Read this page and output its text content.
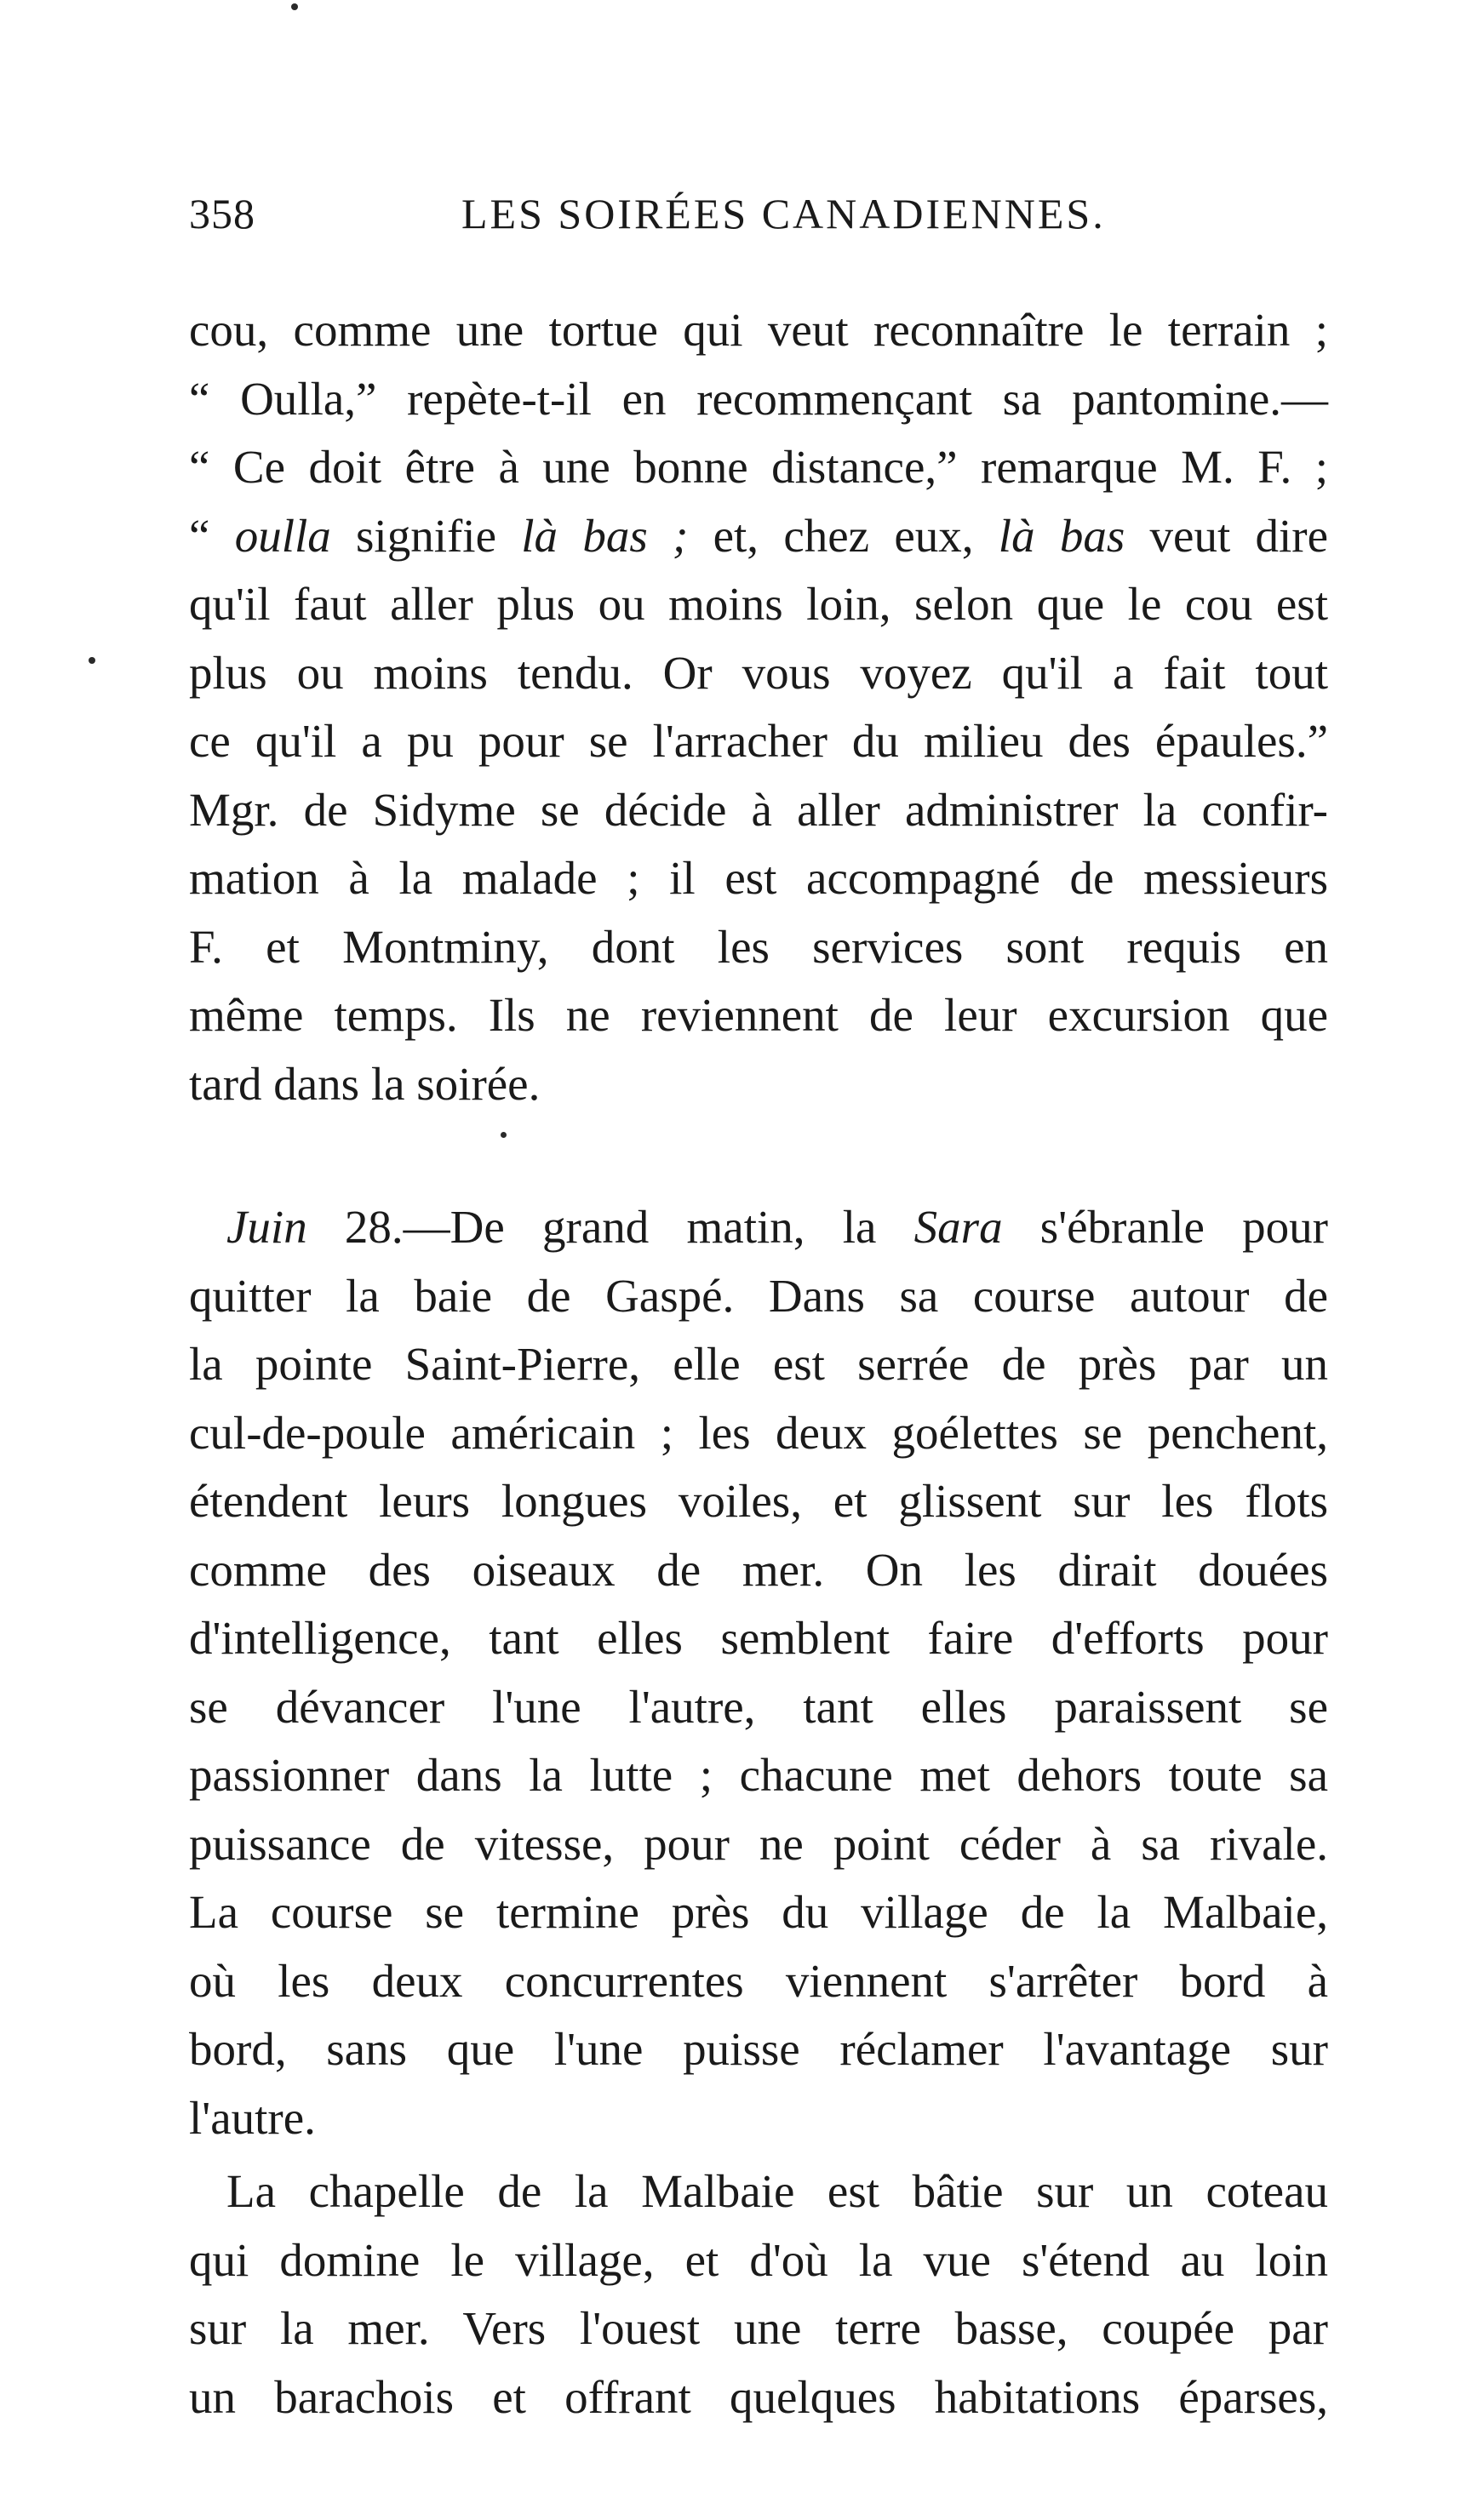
358	LES SOIRÉES CANADIENNES.
cou, comme une tortue qui veut reconnaître le terrain ;
“ Oulla,” repète-t-il en recommençant sa pantomine.—
“ Ce doit être à une bonne distance,” remarque M. F. ;
“ oulla signifie là bas ; et, chez eux, là bas veut dire
qu'il faut aller plus ou moins loin, selon que le cou est
plus ou moins tendu. Or vous voyez qu'il a fait tout
ce qu'il a pu pour se l'arracher du milieu des épaules.”
Mgr. de Sidyme se décide à aller administrer la confir-
mation à la malade ; il est accompagné de messieurs
F. et Montminy, dont les services sont requis en
même temps. Ils ne reviennent de leur excursion que
tard dans la soirée.
Juin 28.—De grand matin, la Sara s'ébranle pour
quitter la baie de Gaspé. Dans sa course autour de
la pointe Saint-Pierre, elle est serrée de près par un
cul-de-poule américain ; les deux goélettes se penchent,
étendent leurs longues voiles, et glissent sur les flots
comme des oiseaux de mer. On les dirait douées
d'intelligence, tant elles semblent faire d'efforts pour
se dévancer l'une l'autre, tant elles paraissent se
passionner dans la lutte ; chacune met dehors toute sa
puissance de vitesse, pour ne point céder à sa rivale.
La course se termine près du village de la Malbaie,
où les deux concurrentes viennent s'arrêter bord à
bord, sans que l'une puisse réclamer l'avantage sur
l'autre.
La chapelle de la Malbaie est bâtie sur un coteau
qui domine le village, et d'où la vue s'étend au loin
sur la mer. Vers l'ouest une terre basse, coupée par
un barachois et offrant quelques habitations éparses,
